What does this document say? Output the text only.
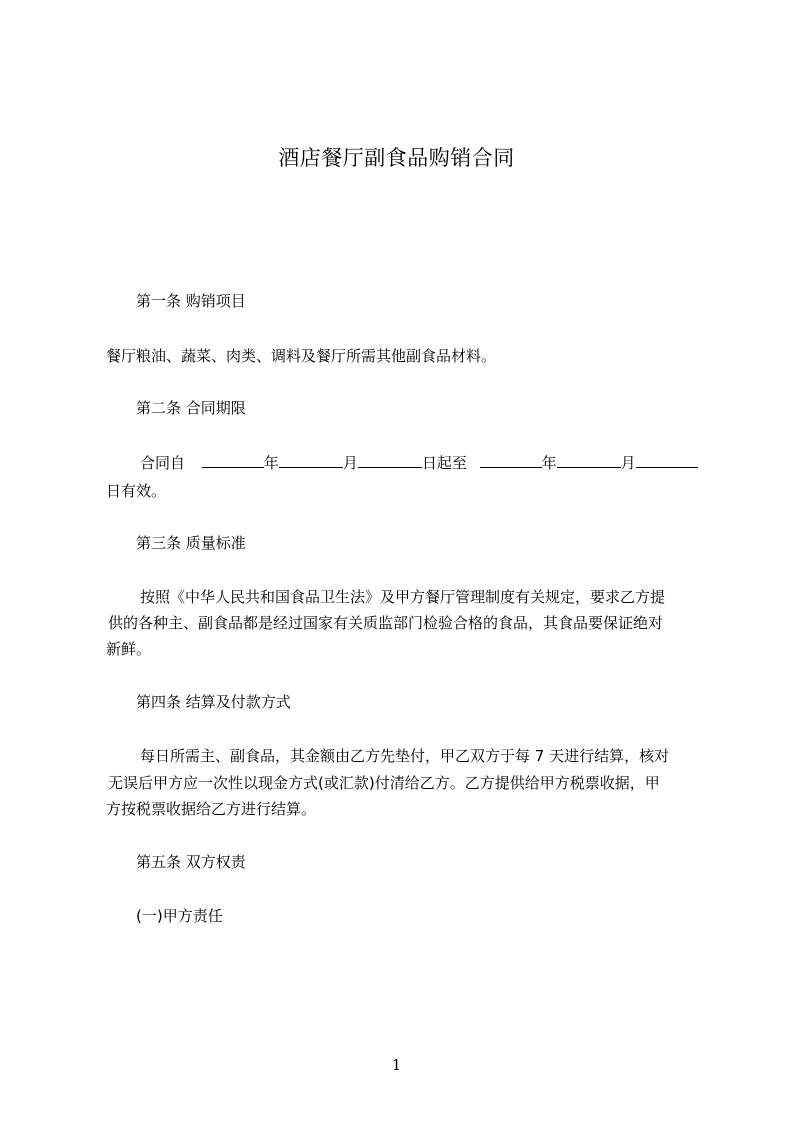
酒店餐厅副食品购销合同
第一条 购销项目
餐厅粮油、蔬菜、肉类、调料及餐厅所需其他副食品材料。
第二条 合同期限
合同自	年	月	日起至	年	月
日有效。
第三条 质量标准
按照《中华人民共和国食品卫生法》及甲方餐厅管理制度有关规定，要求乙方提
供的各种主、副食品都是经过国家有关质监部门检验合格的食品，其食品要保证绝对
新鲜。
第四条 结算及付款方式
每日所需主、副食品，其金额由乙方先垫付，甲乙双方于每 7 天进行结算，核对
无误后甲方应一次性以现金方式(或汇款)付清给乙方。乙方提供给甲方税票收据，甲
方按税票收据给乙方进行结算。
第五条 双方权责
(一)甲方责任
1
